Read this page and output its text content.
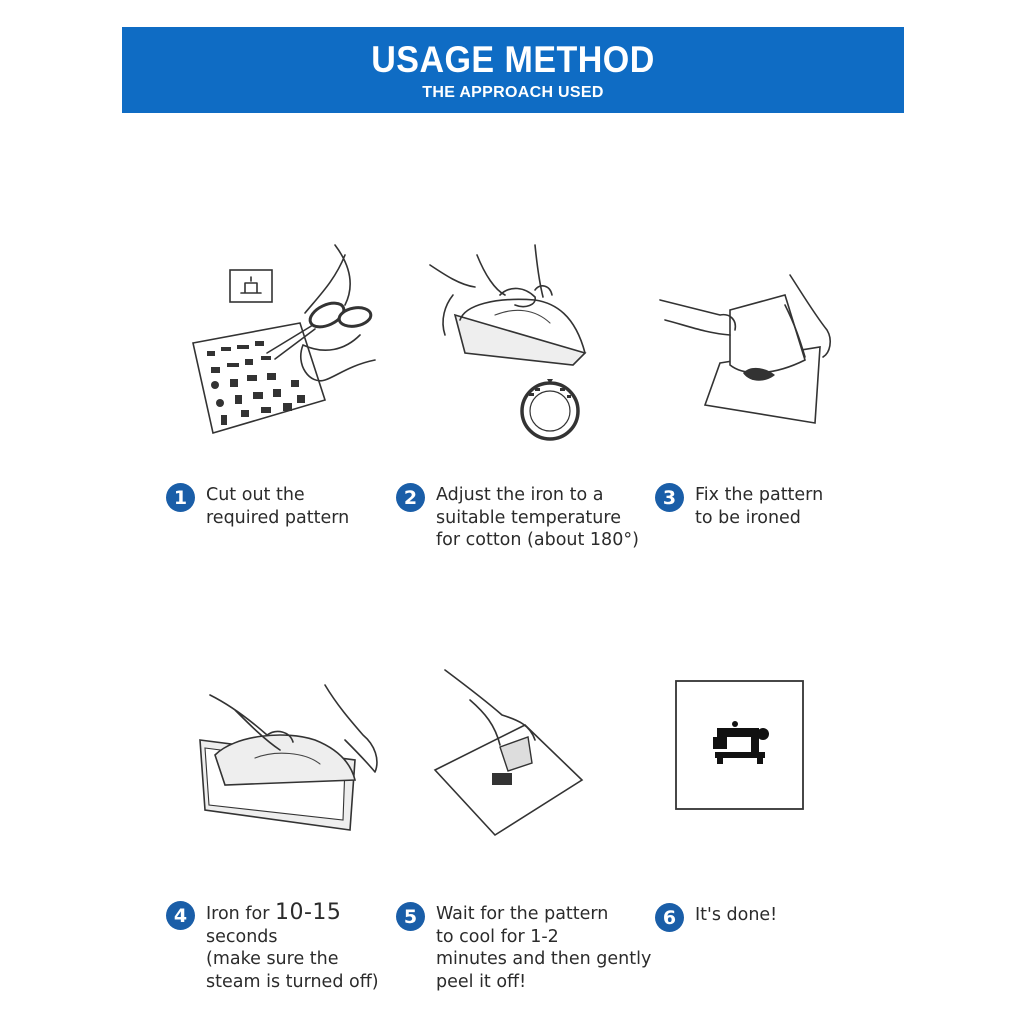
USAGE METHOD
THE APPROACH USED
1	Cut out the
required pattern
2	Adjust the iron to a
suitable temperature
for cotton (about 180°)
3	Fix the pattern
to be ironed
4	Iron for 10-15
seconds
(make sure the
steam is turned off)
5	Wait for the pattern
to cool for 1-2
minutes and then gently
peel it off!
6	It's done!
